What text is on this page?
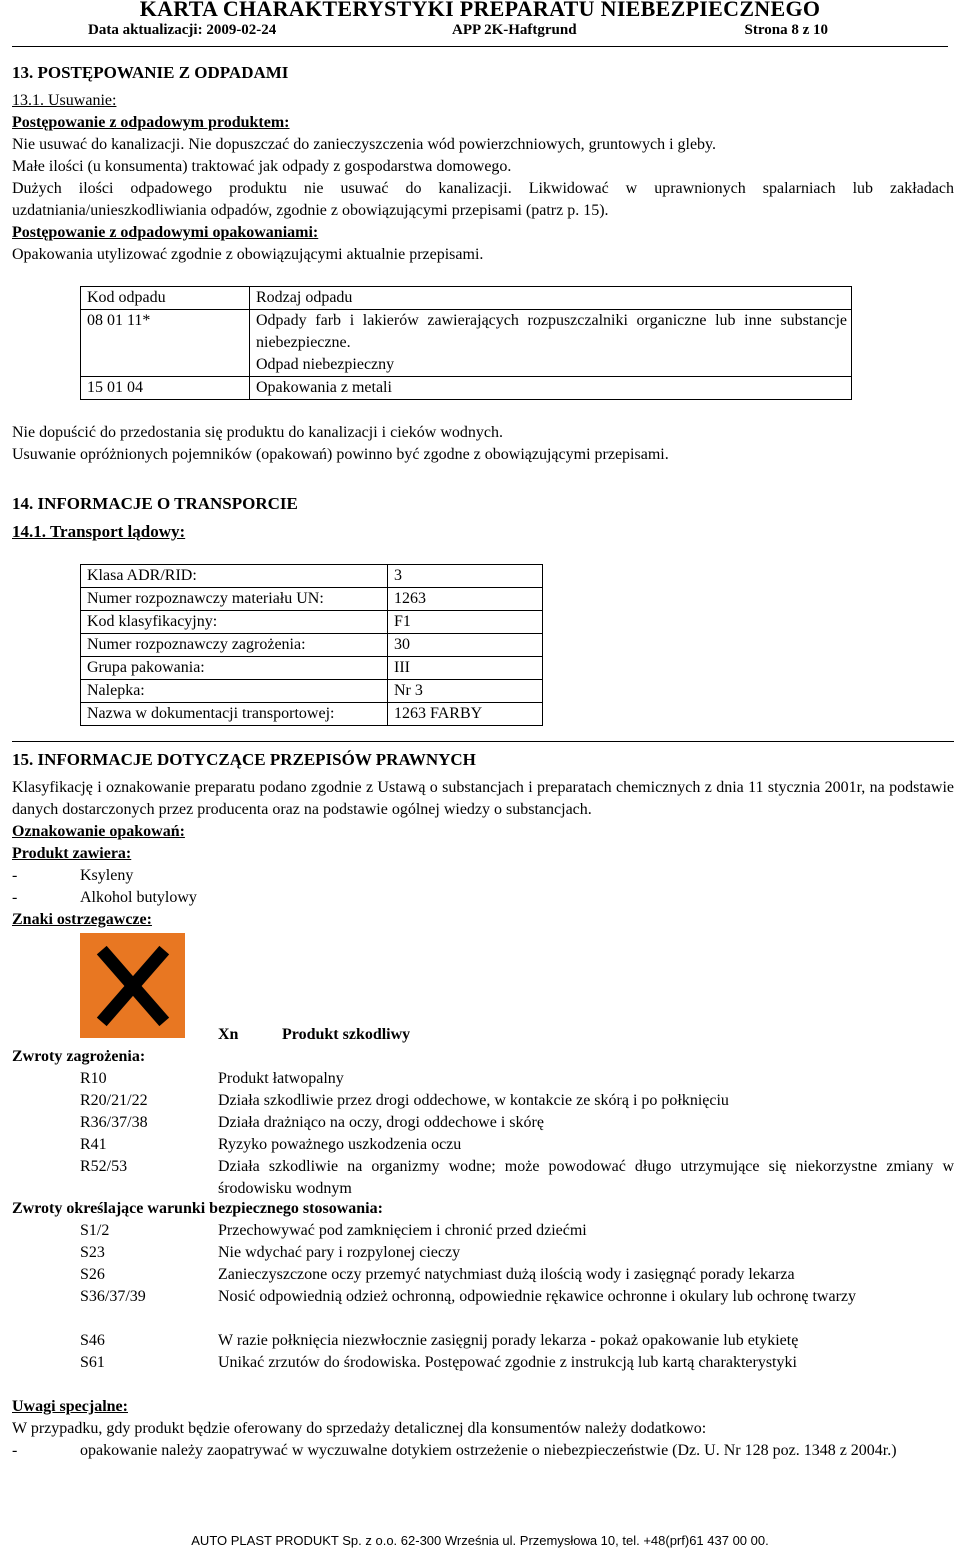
KARTA CHARAKTERYSTYKI PREPARATU NIEBEZPIECZNEGO
Data aktualizacji: 2009-02-24	APP 2K-Haftgrund	Strona 8 z 10
13. POSTĘPOWANIE Z ODPADAMI
13.1. Usuwanie:
Postępowanie z odpadowym produktem:
Nie usuwać do kanalizacji. Nie dopuszczać do zanieczyszczenia wód powierzchniowych, gruntowych i gleby.
Małe ilości (u konsumenta) traktować jak odpady z gospodarstwa domowego.
Dużych ilości odpadowego produktu nie usuwać do kanalizacji. Likwidować w uprawnionych spalarniach lub zakładach uzdatniania/unieszkodliwiania odpadów, zgodnie z obowiązującymi przepisami (patrz p. 15).
Postępowanie z odpadowymi opakowaniami:
Opakowania utylizować zgodnie z obowiązującymi aktualnie przepisami.
Kod odpadu	Rodzaj odpadu
08 01 11*	Odpady farb i lakierów zawierających rozpuszczalniki organiczne lub inne substancje niebezpieczne.
Odpad niebezpieczny

15 01 04	Opakowania z metali
Nie dopuścić do przedostania się produktu do kanalizacji i cieków wodnych.
Usuwanie opróżnionych pojemników (opakowań) powinno być zgodne z obowiązującymi przepisami.
14. INFORMACJE O TRANSPORCIE
14.1. Transport lądowy:
Klasa ADR/RID:	3
Numer rozpoznawczy materiału UN:	1263
Kod klasyfikacyjny:	F1
Numer rozpoznawczy zagrożenia:	30
Grupa pakowania:	III
Nalepka:	Nr 3
Nazwa w dokumentacji transportowej:	1263 FARBY
15. INFORMACJE DOTYCZĄCE PRZEPISÓW PRAWNYCH
Klasyfikację i oznakowanie preparatu podano zgodnie z Ustawą o substancjach i preparatach chemicznych z dnia 11 stycznia 2001r, na podstawie danych dostarczonych przez producenta oraz na podstawie ogólnej wiedzy o substancjach.
Oznakowanie opakowań:
Produkt zawiera:
-	Ksyleny
-	Alkohol butylowy
Znaki ostrzegawcze:
Xn	Produkt szkodliwy
Zwroty zagrożenia:
R10	Produkt łatwopalny
R20/21/22	Działa szkodliwie przez drogi oddechowe, w kontakcie ze skórą i po połknięciu
R36/37/38	Działa drażniąco na oczy, drogi oddechowe i skórę
R41	Ryzyko poważnego uszkodzenia oczu
R52/53	Działa szkodliwie na organizmy wodne; może powodować długo utrzymujące się niekorzystne zmiany w środowisku wodnym
Zwroty określające warunki bezpiecznego stosowania:
S1/2	Przechowywać pod zamknięciem i chronić przed dziećmi
S23	Nie wdychać pary i rozpylonej cieczy
S26	Zanieczyszczone oczy przemyć natychmiast dużą ilością wody i zasięgnąć porady lekarza
S36/37/39	Nosić odpowiednią odzież ochronną, odpowiednie rękawice ochronne i okulary lub ochronę twarzy
S46	W razie połknięcia niezwłocznie zasięgnij porady lekarza - pokaż opakowanie lub etykietę
S61	Unikać zrzutów do środowiska. Postępować zgodnie z instrukcją lub kartą charakterystyki
Uwagi specjalne:
W przypadku, gdy produkt będzie oferowany do sprzedaży detalicznej dla konsumentów należy dodatkowo:
-	opakowanie należy zaopatrywać w wyczuwalne dotykiem ostrzeżenie o niebezpieczeństwie (Dz. U. Nr 128 poz. 1348 z 2004r.)
AUTO PLAST PRODUKT Sp. z o.o. 62-300 Września ul. Przemysłowa 10, tel. +48(prf)61 437 00 00.
